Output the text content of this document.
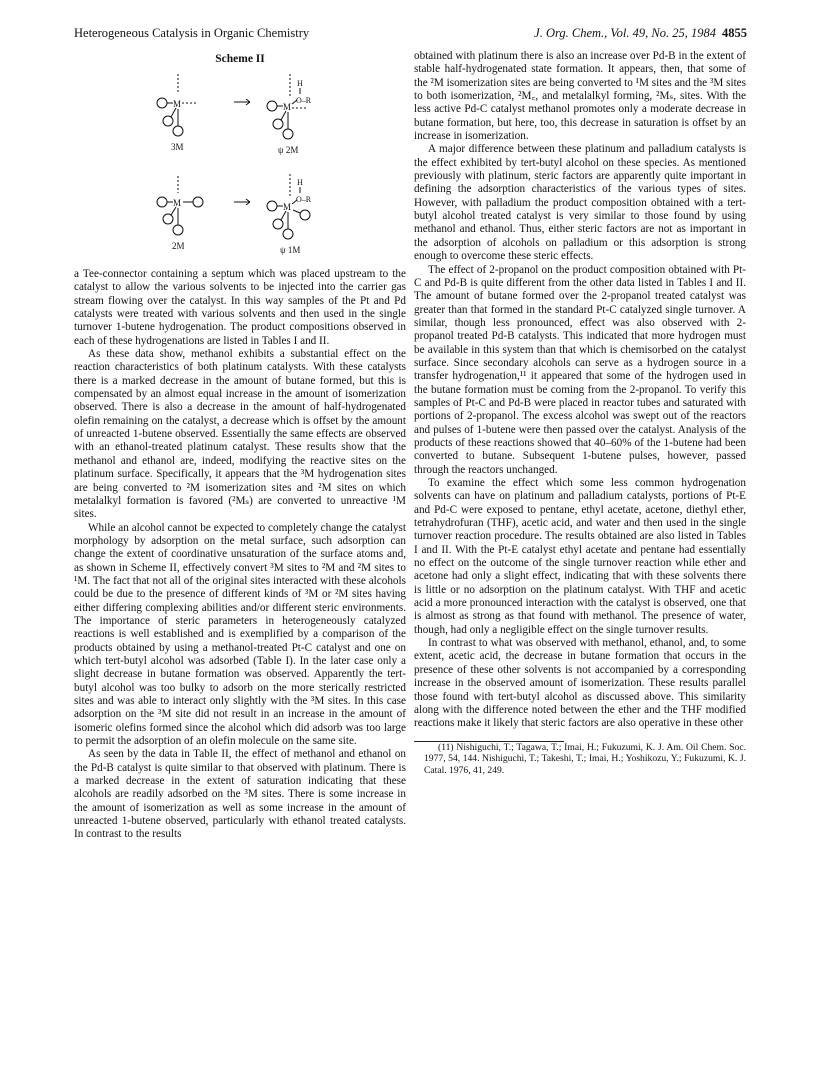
Heterogeneous Catalysis in Organic Chemistry	J. Org. Chem., Vol. 49, No. 25, 1984 4855
Scheme II
M
3M
H
O–R
M
ψ 2M
M
2M
H
O–R
M
ψ 1M

a Tee-connector containing a septum which was placed upstream to the catalyst to allow the various solvents to be injected into the carrier gas stream flowing over the catalyst. In this way samples of the Pt and Pd catalysts were treated with various solvents and then used in the single turnover 1-butene hydrogenation. The product compositions observed in each of these hydrogenations are listed in Tables I and II.

As these data show, methanol exhibits a substantial effect on the reaction characteristics of both platinum catalysts. With these catalysts there is a marked decrease in the amount of butane formed, but this is compensated by an almost equal increase in the amount of isomerization observed. There is also a decrease in the amount of half-hydrogenated olefin remaining on the catalyst, a decrease which is offset by the amount of unreacted 1-butene observed. Essentially the same effects are observed with an ethanol-treated platinum catalyst. These results show that the methanol and ethanol are, indeed, modifying the reactive sites on the platinum surface. Specifically, it appears that the ³M hydrogenation sites are being converted to ²M isomerization sites and ²M sites on which metalalkyl formation is favored (²Mₛ) are converted to unreactive ¹M sites.

While an alcohol cannot be expected to completely change the catalyst morphology by adsorption on the metal surface, such adsorption can change the extent of coordinative unsaturation of the surface atoms and, as shown in Scheme II, effectively convert ³M sites to ²M and ²M sites to ¹M. The fact that not all of the original sites interacted with these alcohols could be due to the presence of different kinds of ³M or ²M sites having either differing complexing abilities and/or different steric environments. The importance of steric parameters in heterogeneously catalyzed reactions is well established and is exemplified by a comparison of the products obtained by using a methanol-treated Pt-C catalyst and one on which tert-butyl alcohol was adsorbed (Table I). In the later case only a slight decrease in butane formation was observed. Apparently the tert-butyl alcohol was too bulky to adsorb on the more sterically restricted sites and was able to interact only slightly with the ³M sites. In this case adsorption on the ³M site did not result in an increase in the amount of isomeric olefins formed since the alcohol which did adsorb was too large to permit the adsorption of an olefin molecule on the same site.

As seen by the data in Table II, the effect of methanol and ethanol on the Pd-B catalyst is quite similar to that observed with platinum. There is a marked decrease in the extent of saturation indicating that these alcohols are readily adsorbed on the ³M sites. There is some increase in the amount of isomerization as well as some increase in the amount of unreacted 1-butene observed, particularly with ethanol treated catalysts. In contrast to the results

obtained with platinum there is also an increase over Pd-B in the extent of stable half-hydrogenated state formation. It appears, then, that some of the ²M isomerization sites are being converted to ¹M sites and the ³M sites to both isomerization, ²M꜀, and metalalkyl forming, ²Mₛ, sites. With the less active Pd-C catalyst methanol promotes only a moderate decrease in butane formation, but here, too, this decrease in saturation is offset by an increase in isomerization.

A major difference between these platinum and palladium catalysts is the effect exhibited by tert-butyl alcohol on these species. As mentioned previously with platinum, steric factors are apparently quite important in defining the adsorption characteristics of the various types of sites. However, with palladium the product composition obtained with a tert-butyl alcohol treated catalyst is very similar to those found by using methanol and ethanol. Thus, either steric factors are not as important in the adsorption of alcohols on palladium or this adsorption is strong enough to overcome these steric effects.

The effect of 2-propanol on the product composition obtained with Pt-C and Pd-B is quite different from the other data listed in Tables I and II. The amount of butane formed over the 2-propanol treated catalyst was greater than that formed in the standard Pt-C catalyzed single turnover. A similar, though less pronounced, effect was also observed with 2-propanol treated Pd-B catalysts. This indicated that more hydrogen must be available in this system than that which is chemisorbed on the catalyst surface. Since secondary alcohols can serve as a hydrogen source in a transfer hydrogenation,¹¹ it appeared that some of the hydrogen used in the butane formation must be coming from the 2-propanol. To verify this samples of Pt-C and Pd-B were placed in reactor tubes and saturated with portions of 2-propanol. The excess alcohol was swept out of the reactors and pulses of 1-butene were then passed over the catalyst. Analysis of the products of these reactions showed that 40–60% of the 1-butene had been converted to butane. Subsequent 1-butene pulses, however, passed through the reactors unchanged.

To examine the effect which some less common hydrogenation solvents can have on platinum and palladium catalysts, portions of Pt-E and Pd-C were exposed to pentane, ethyl acetate, acetone, diethyl ether, tetrahydrofuran (THF), acetic acid, and water and then used in the single turnover reaction procedure. The results obtained are also listed in Tables I and II. With the Pt-E catalyst ethyl acetate and pentane had essentially no effect on the outcome of the single turnover reaction while ether and acetone had only a slight effect, indicating that with these solvents there is little or no adsorption on the platinum catalyst. With THF and acetic acid a more pronounced interaction with the catalyst is observed, one that is almost as strong as that found with methanol. The presence of water, though, had only a negligible effect on the single turnover results.

In contrast to what was observed with methanol, ethanol, and, to some extent, acetic acid, the decrease in butane formation that occurs in the presence of these other solvents is not accompanied by a corresponding increase in the observed amount of isomerization. These results parallel those found with tert-butyl alcohol as discussed above. This similarity along with the difference noted between the ether and the THF modified reactions make it likely that steric factors are also operative in these other

(11) Nishiguchi, T.; Tagawa, T.; Imai, H.; Fukuzumi, K. J. Am. Oil Chem. Soc. 1977, 54, 144. Nishiguchi, T.; Takeshi, T.; Imai, H.; Yoshikozu, Y.; Fukuzumi, K. J. Catal. 1976, 41, 249.
